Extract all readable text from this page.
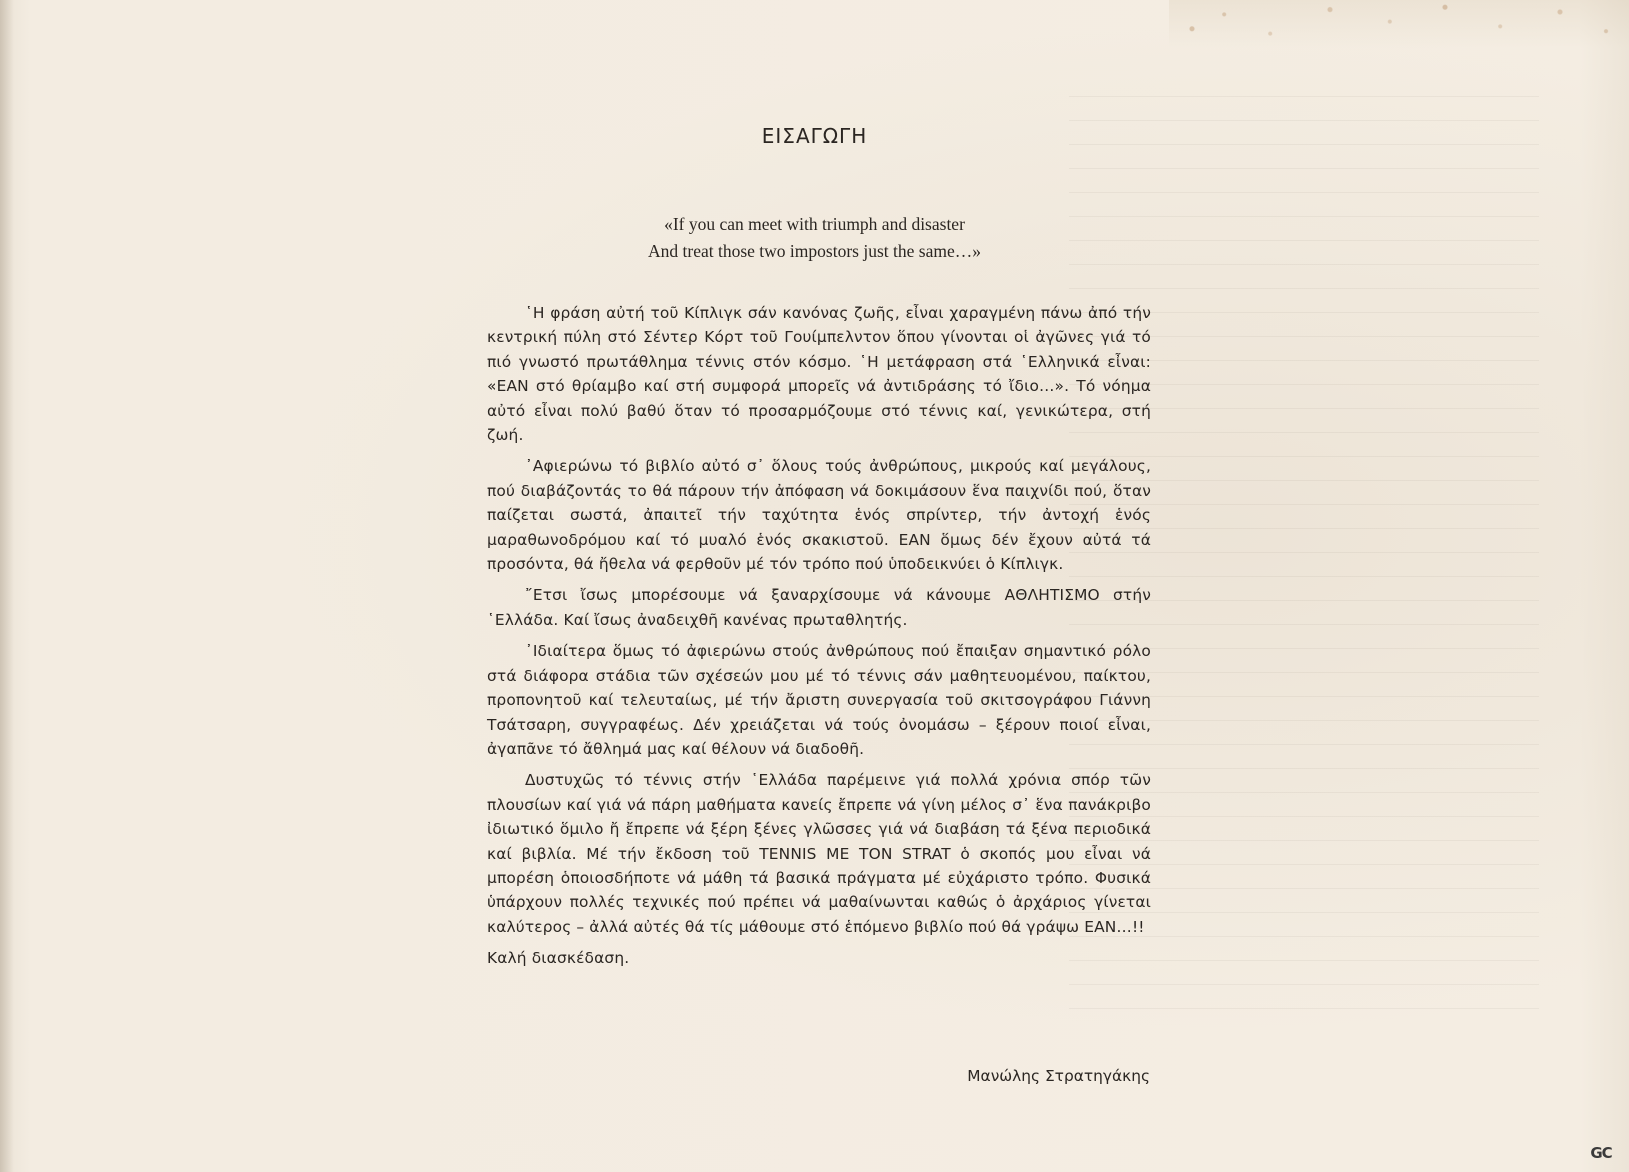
ΕΙΣΑΓΩΓΗ
«If you can meet with triumph and disaster
And treat those two impostors just the same…»

῾Η φράση αὐτή τοῦ Κίπλιγκ σάν κανόνας ζωῆς, εἶναι χαραγμένη πάνω ἀπό τήν κεντρική πύλη στό Σέντερ Κόρτ τοῦ Γουίμπελντον ὅπου γίνονται οἱ ἀγῶνες γιά τό πιό γνωστό πρωτάθλημα τέννις στόν κόσμο. ῾Η μετάφραση στά ῾Ελληνικά εἶναι: «ΕΑΝ στό θρίαμβο καί στή συμφορά μπορεῖς νά ἀντιδράσης τό ἴδιο…». Τό νόημα αὐτό εἶναι πολύ βαθύ ὅταν τό προσαρμόζουμε στό τέννις καί, γενικώτερα, στή ζωή.

᾿Αφιερώνω τό βιβλίο αὐτό σ᾿ ὅλους τούς ἀνθρώπους, μικρούς καί μεγάλους, πού διαβάζοντάς το θά πάρουν τήν ἀπόφαση νά δοκιμάσουν ἕνα παιχνίδι πού, ὅταν παίζεται σωστά, ἀπαιτεῖ τήν ταχύτητα ἑνός σπρίντερ, τήν ἀντοχή ἑνός μαραθωνοδρόμου καί τό μυαλό ἑνός σκακιστοῦ. ΕΑΝ ὅμως δέν ἔχουν αὐτά τά προσόντα, θά ἤθελα νά φερθοῦν μέ τόν τρόπο πού ὑποδεικνύει ὁ Κίπλιγκ.

῎Ετσι ἴσως μπορέσουμε νά ξαναρχίσουμε νά κάνουμε ΑΘΛΗΤΙΣΜΟ στήν ῾Ελλάδα. Καί ἴσως ἀναδειχθῆ κανένας πρωταθλητής.

᾿Ιδιαίτερα ὅμως τό ἀφιερώνω στούς ἀνθρώπους πού ἔπαιξαν σημαντικό ρόλο στά διάφορα στάδια τῶν σχέσεών μου μέ τό τέννις σάν μαθητευομένου, παίκτου, προπονητοῦ καί τελευταίως, μέ τήν ἄριστη συνεργασία τοῦ σκιτσογράφου Γιάννη Τσάτσαρη, συγγραφέως. Δέν χρειάζεται νά τούς ὀνομάσω – ξέρουν ποιοί εἶναι, ἀγαπᾶνε τό ἄθλημά μας καί θέλουν νά διαδοθῆ.

Δυστυχῶς τό τέννις στήν ῾Ελλάδα παρέμεινε γιά πολλά χρόνια σπόρ τῶν πλουσίων καί γιά νά πάρη μαθήματα κανείς ἔπρεπε νά γίνη μέλος σ᾿ ἕνα πανάκριβο ἰδιωτικό ὅμιλο ἤ ἔπρεπε νά ξέρη ξένες γλῶσσες γιά νά διαβάση τά ξένα περιοδικά καί βιβλία. Μέ τήν ἔκδοση τοῦ TENNIS ME TON STRAT ὁ σκοπός μου εἶναι νά μπορέση ὁποιοσδήποτε νά μάθη τά βασικά πράγματα μέ εὐχάριστο τρόπο. Φυσικά ὑπάρχουν πολλές τεχνικές πού πρέπει νά μαθαίνωνται καθώς ὁ ἀρχάριος γίνεται καλύτερος – ἀλλά αὐτές θά τίς μάθουμε στό ἑπόμενο βιβλίο πού θά γράψω ΕΑΝ…!!

Καλή διασκέδαση.

Μανώλης Στρατηγάκης
GC
